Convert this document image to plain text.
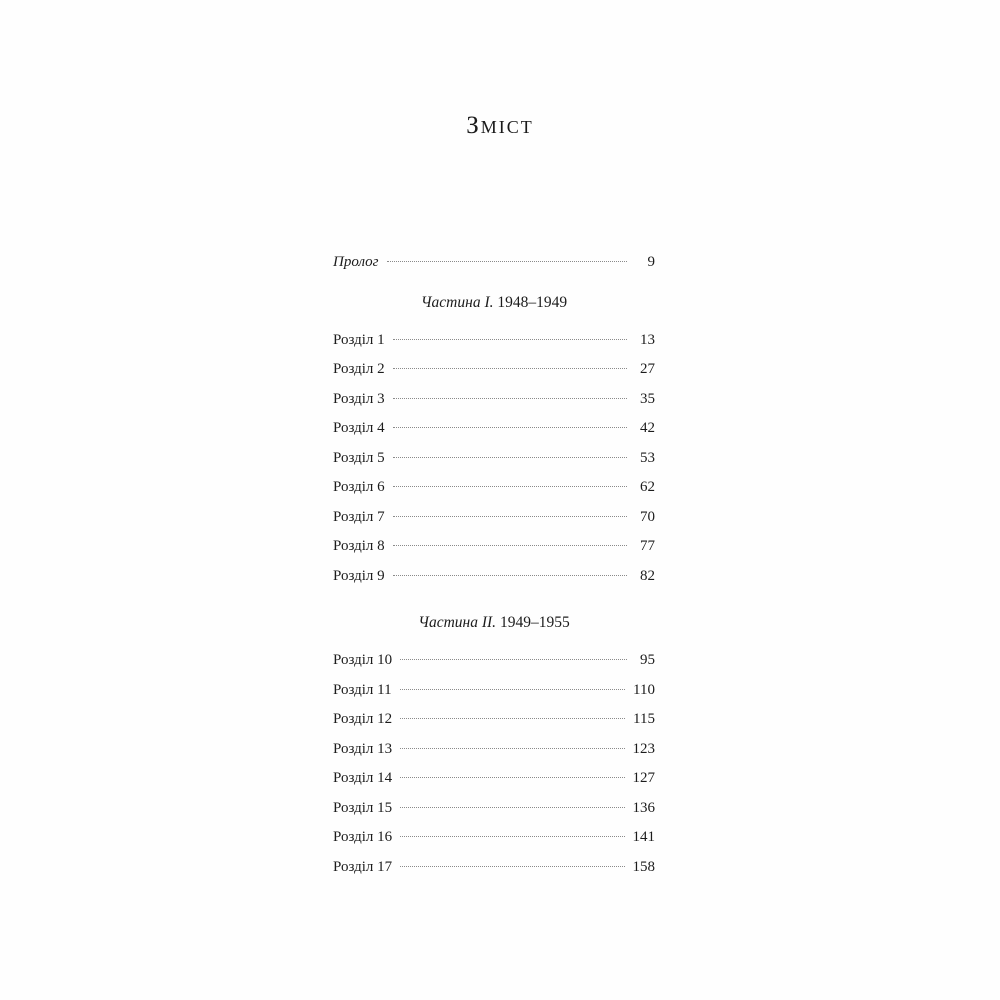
Зміст
Пролог	9
Частина I. 1948–1949
Розділ 1	13
Розділ 2	27
Розділ 3	35
Розділ 4	42
Розділ 5	53
Розділ 6	62
Розділ 7	70
Розділ 8	77
Розділ 9	82
Частина II. 1949–1955
Розділ 10	95
Розділ 11	110
Розділ 12	115
Розділ 13	123
Розділ 14	127
Розділ 15	136
Розділ 16	141
Розділ 17	158
